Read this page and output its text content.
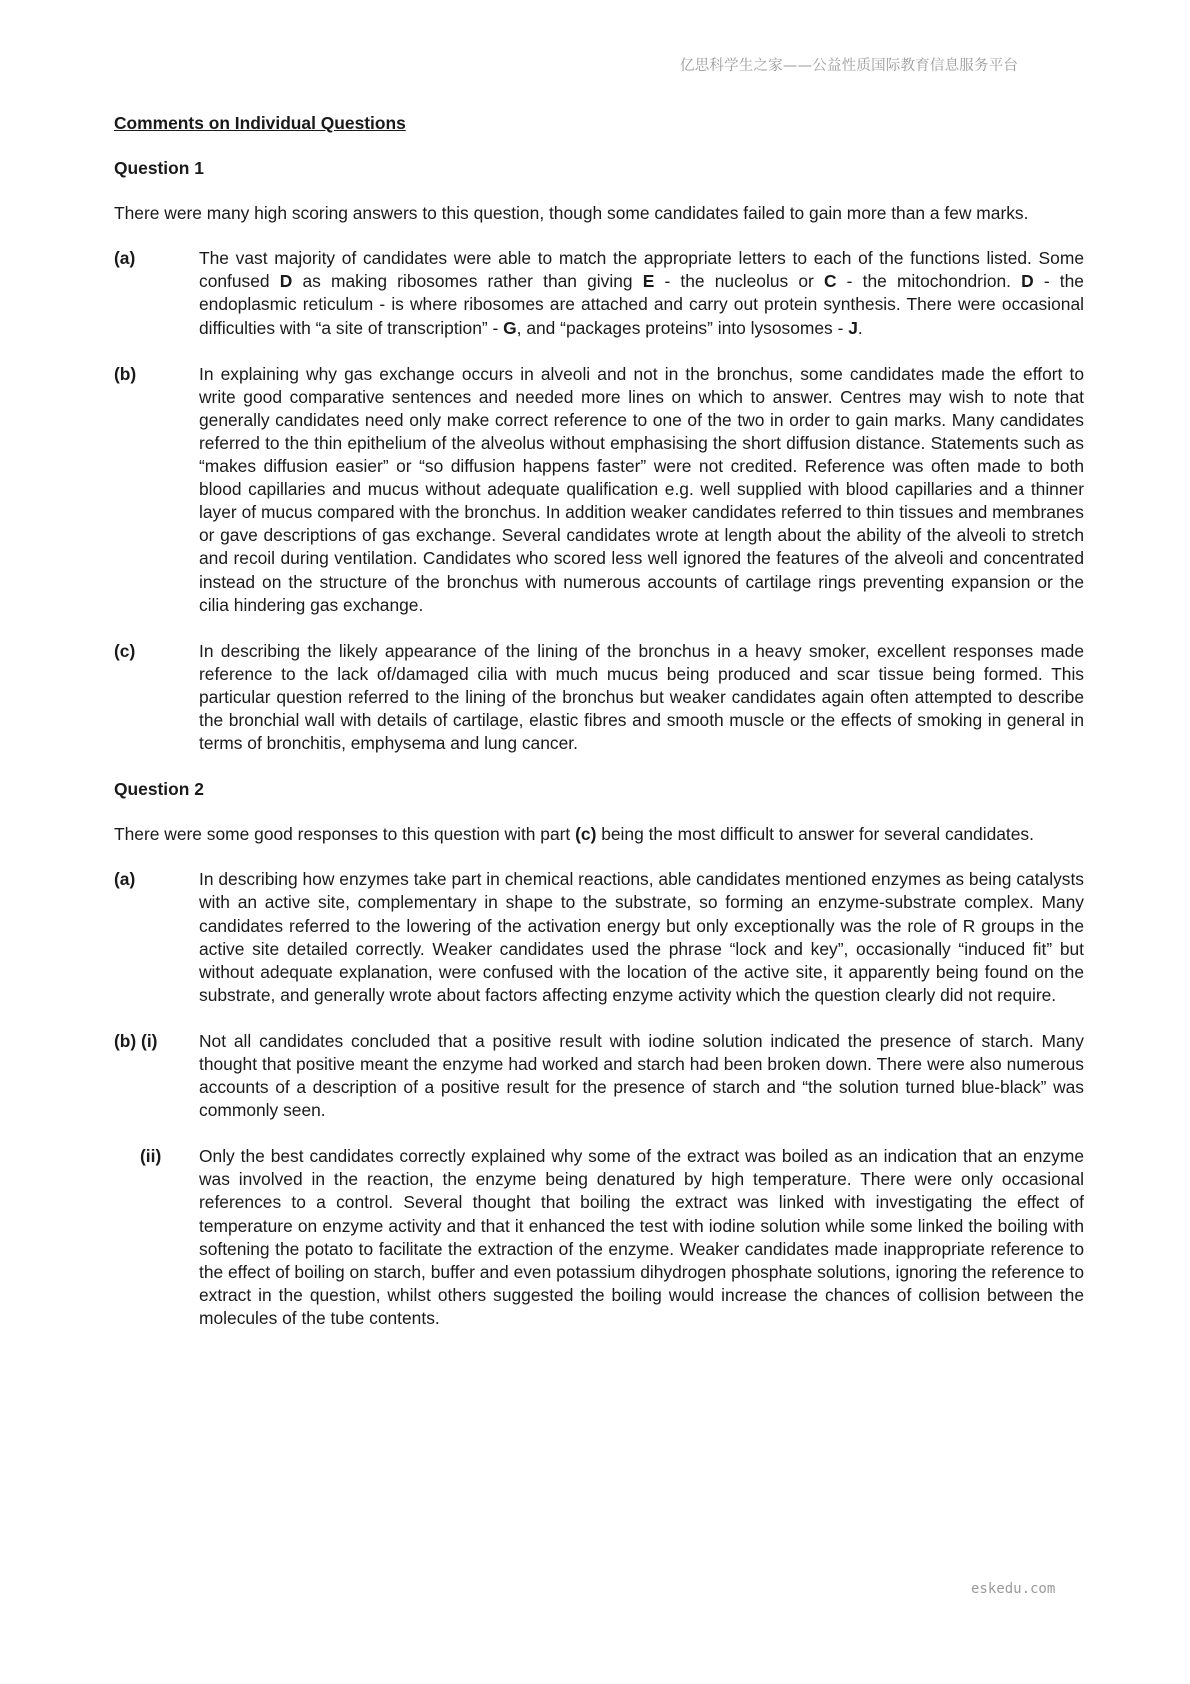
亿思科学生之家——公益性质国际教育信息服务平台
Comments on Individual Questions
Question 1
There were many high scoring answers to this question, though some candidates failed to gain more than a few marks.
(a)	The vast majority of candidates were able to match the appropriate letters to each of the functions listed. Some confused D as making ribosomes rather than giving E - the nucleolus or C - the mitochondrion. D - the endoplasmic reticulum - is where ribosomes are attached and carry out protein synthesis. There were occasional difficulties with “a site of transcription” - G, and “packages proteins” into lysosomes - J.
(b)	In explaining why gas exchange occurs in alveoli and not in the bronchus, some candidates made the effort to write good comparative sentences and needed more lines on which to answer. Centres may wish to note that generally candidates need only make correct reference to one of the two in order to gain marks. Many candidates referred to the thin epithelium of the alveolus without emphasising the short diffusion distance. Statements such as “makes diffusion easier” or “so diffusion happens faster” were not credited. Reference was often made to both blood capillaries and mucus without adequate qualification e.g. well supplied with blood capillaries and a thinner layer of mucus compared with the bronchus. In addition weaker candidates referred to thin tissues and membranes or gave descriptions of gas exchange. Several candidates wrote at length about the ability of the alveoli to stretch and recoil during ventilation. Candidates who scored less well ignored the features of the alveoli and concentrated instead on the structure of the bronchus with numerous accounts of cartilage rings preventing expansion or the cilia hindering gas exchange.
(c)	In describing the likely appearance of the lining of the bronchus in a heavy smoker, excellent responses made reference to the lack of/damaged cilia with much mucus being produced and scar tissue being formed. This particular question referred to the lining of the bronchus but weaker candidates again often attempted to describe the bronchial wall with details of cartilage, elastic fibres and smooth muscle or the effects of smoking in general in terms of bronchitis, emphysema and lung cancer.
Question 2
There were some good responses to this question with part (c) being the most difficult to answer for several candidates.
(a)	In describing how enzymes take part in chemical reactions, able candidates mentioned enzymes as being catalysts with an active site, complementary in shape to the substrate, so forming an enzyme-substrate complex. Many candidates referred to the lowering of the activation energy but only exceptionally was the role of R groups in the active site detailed correctly. Weaker candidates used the phrase “lock and key”, occasionally “induced fit” but without adequate explanation, were confused with the location of the active site, it apparently being found on the substrate, and generally wrote about factors affecting enzyme activity which the question clearly did not require.
(b) (i)	Not all candidates concluded that a positive result with iodine solution indicated the presence of starch. Many thought that positive meant the enzyme had worked and starch had been broken down. There were also numerous accounts of a description of a positive result for the presence of starch and “the solution turned blue-black” was commonly seen.
(ii)	Only the best candidates correctly explained why some of the extract was boiled as an indication that an enzyme was involved in the reaction, the enzyme being denatured by high temperature. There were only occasional references to a control. Several thought that boiling the extract was linked with investigating the effect of temperature on enzyme activity and that it enhanced the test with iodine solution while some linked the boiling with softening the potato to facilitate the extraction of the enzyme. Weaker candidates made inappropriate reference to the effect of boiling on starch, buffer and even potassium dihydrogen phosphate solutions, ignoring the reference to extract in the question, whilst others suggested the boiling would increase the chances of collision between the molecules of the tube contents.
eskedu.com
